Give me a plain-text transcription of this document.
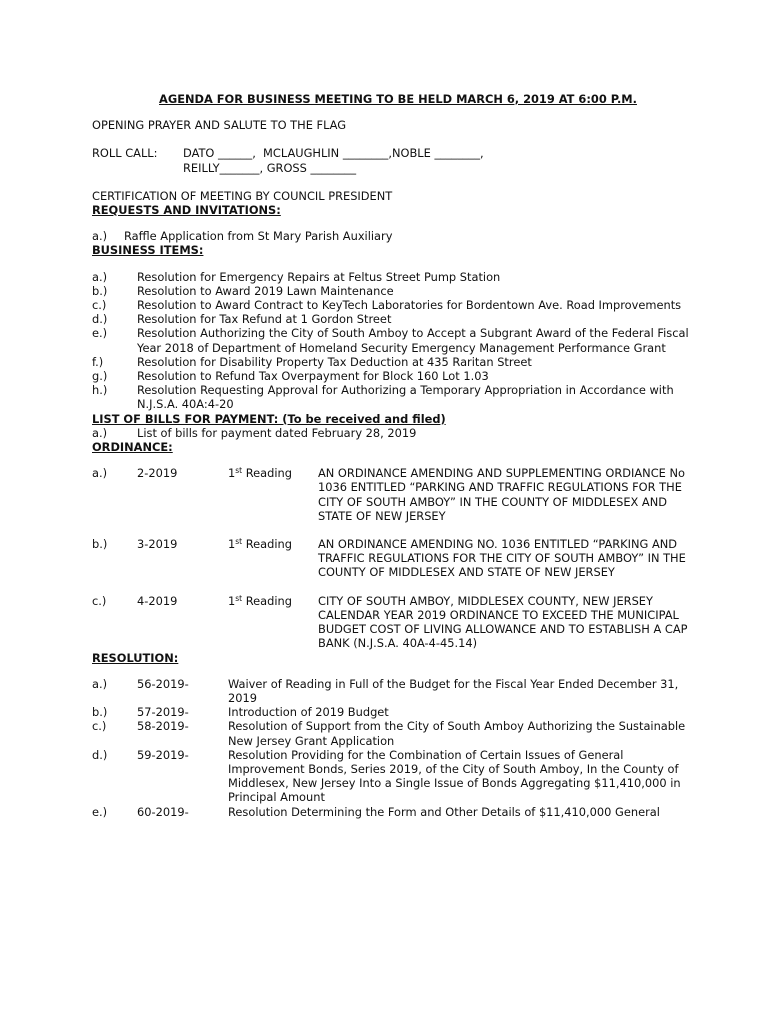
AGENDA FOR BUSINESS MEETING TO BE HELD MARCH 6, 2019 AT 6:00 P.M.

OPENING PRAYER AND SALUTE TO THE FLAG

ROLL CALL:	DATO ______,  MCLAUGHLIN ________,NOBLE ________,
REILLY_______, GROSS ________

CERTIFICATION OF MEETING BY COUNCIL PRESIDENT

REQUESTS AND INVITATIONS:

a.)	Raffle Application from St Mary Parish Auxiliary

BUSINESS ITEMS:

a.)	Resolution for Emergency Repairs at Feltus Street Pump Station
b.)	Resolution to Award 2019 Lawn Maintenance
c.)	Resolution to Award Contract to KeyTech Laboratories for Bordentown Ave. Road Improvements
d.)	Resolution for Tax Refund at 1 Gordon Street
e.)	Resolution Authorizing the City of South Amboy to Accept a Subgrant Award of the Federal Fiscal Year 2018 of Department of Homeland Security Emergency Management Performance Grant
f.)	Resolution for Disability Property Tax Deduction at 435 Raritan Street
g.)	Resolution to Refund Tax Overpayment for Block 160 Lot 1.03
h.)	Resolution Requesting Approval for Authorizing a Temporary Appropriation in Accordance with N.J.S.A. 40A:4-20

LIST OF BILLS FOR PAYMENT: (To be received and filed)

a.)	List of bills for payment dated February 28, 2019

ORDINANCE:

a.)	2-2019	1st Reading	AN ORDINANCE AMENDING AND SUPPLEMENTING ORDIANCE No 1036 ENTITLED “PARKING AND TRAFFIC REGULATIONS FOR THE CITY OF SOUTH AMBOY” IN THE COUNTY OF MIDDLESEX AND STATE OF NEW JERSEY
b.)	3-2019	1st Reading	AN ORDINANCE AMENDING NO. 1036 ENTITLED “PARKING AND TRAFFIC REGULATIONS FOR THE CITY OF SOUTH AMBOY” IN THE COUNTY OF MIDDLESEX AND STATE OF NEW JERSEY
c.)	4-2019	1st Reading	CITY OF SOUTH AMBOY, MIDDLESEX COUNTY, NEW JERSEY CALENDAR YEAR 2019 ORDINANCE TO EXCEED THE MUNICIPAL BUDGET COST OF LIVING ALLOWANCE AND TO ESTABLISH A CAP BANK (N.J.S.A. 40A-4-45.14)

RESOLUTION:

a.)	56-2019-	Waiver of Reading in Full of the Budget for the Fiscal Year Ended December 31, 2019
b.)	57-2019-	Introduction of 2019 Budget
c.)	58-2019-	Resolution of Support from the City of South Amboy Authorizing the Sustainable New Jersey Grant Application
d.)	59-2019-	Resolution Providing for the Combination of Certain Issues of General Improvement Bonds, Series 2019, of the City of South Amboy, In the County of Middlesex, New Jersey Into a Single Issue of Bonds Aggregating $11,410,000 in Principal Amount
e.)	60-2019-	Resolution Determining the Form and Other Details of $11,410,000 General
